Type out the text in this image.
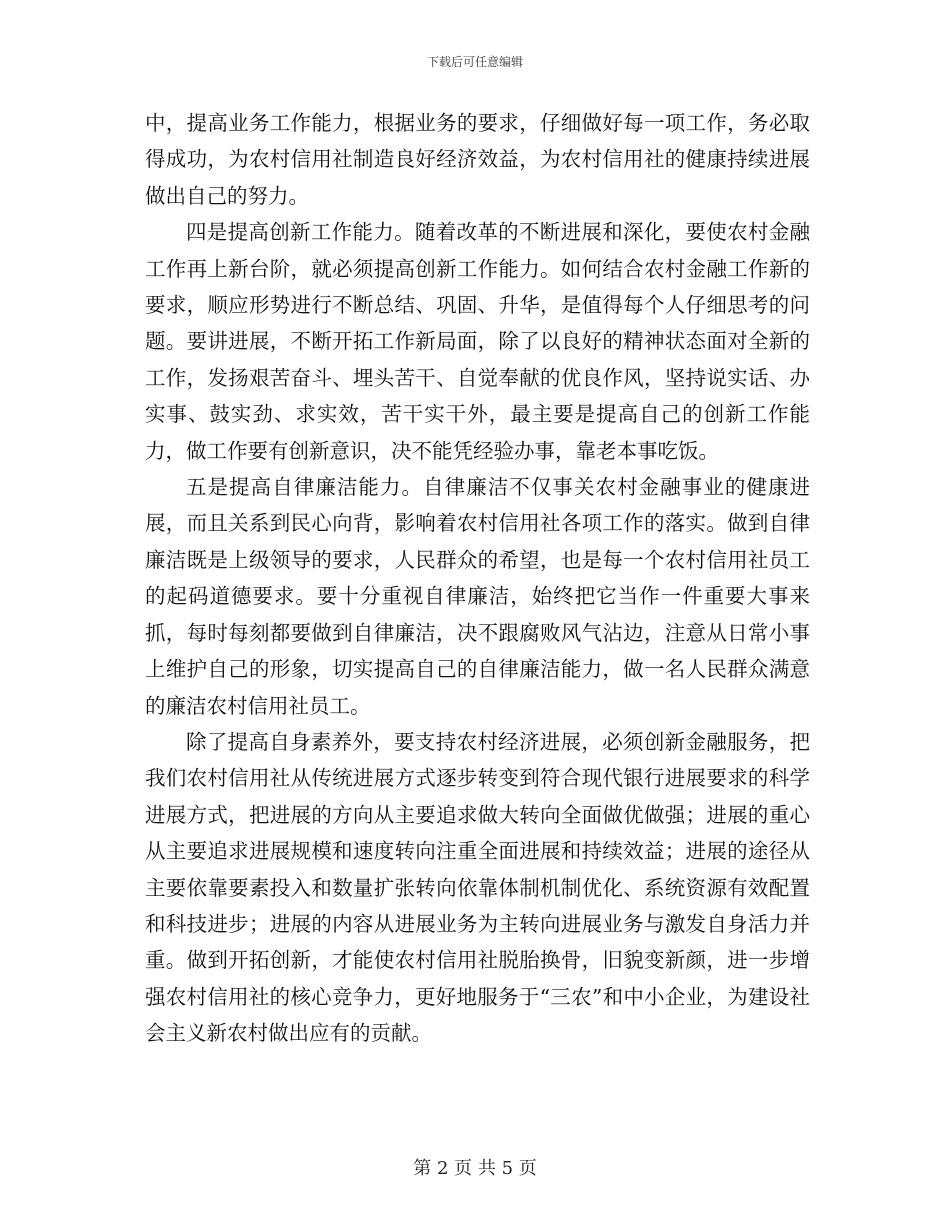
下载后可任意编辑

中，提高业务工作能力，根据业务的要求，仔细做好每一项工作，务必取得成功，为农村信用社制造良好经济效益，为农村信用社的健康持续进展做出自己的努力。

四是提高创新工作能力。随着改革的不断进展和深化，要使农村金融工作再上新台阶，就必须提高创新工作能力。如何结合农村金融工作新的要求，顺应形势进行不断总结、巩固、升华，是值得每个人仔细思考的问题。要讲进展，不断开拓工作新局面，除了以良好的精神状态面对全新的工作，发扬艰苦奋斗、埋头苦干、自觉奉献的优良作风，坚持说实话、办实事、鼓实劲、求实效，苦干实干外，最主要是提高自己的创新工作能力，做工作要有创新意识，决不能凭经验办事，靠老本事吃饭。

五是提高自律廉洁能力。自律廉洁不仅事关农村金融事业的健康进展，而且关系到民心向背，影响着农村信用社各项工作的落实。做到自律廉洁既是上级领导的要求，人民群众的希望，也是每一个农村信用社员工的起码道德要求。要十分重视自律廉洁，始终把它当作一件重要大事来抓，每时每刻都要做到自律廉洁，决不跟腐败风气沾边，注意从日常小事上维护自己的形象，切实提高自己的自律廉洁能力，做一名人民群众满意的廉洁农村信用社员工。

除了提高自身素养外，要支持农村经济进展，必须创新金融服务，把我们农村信用社从传统进展方式逐步转变到符合现代银行进展要求的科学进展方式，把进展的方向从主要追求做大转向全面做优做强；进展的重心从主要追求进展规模和速度转向注重全面进展和持续效益；进展的途径从主要依靠要素投入和数量扩张转向依靠体制机制优化、系统资源有效配置和科技进步；进展的内容从进展业务为主转向进展业务与激发自身活力并重。做到开拓创新，才能使农村信用社脱胎换骨，旧貌变新颜，进一步增强农村信用社的核心竞争力，更好地服务于“三农”和中小企业，为建设社会主义新农村做出应有的贡献。

第 2 页 共 5 页
